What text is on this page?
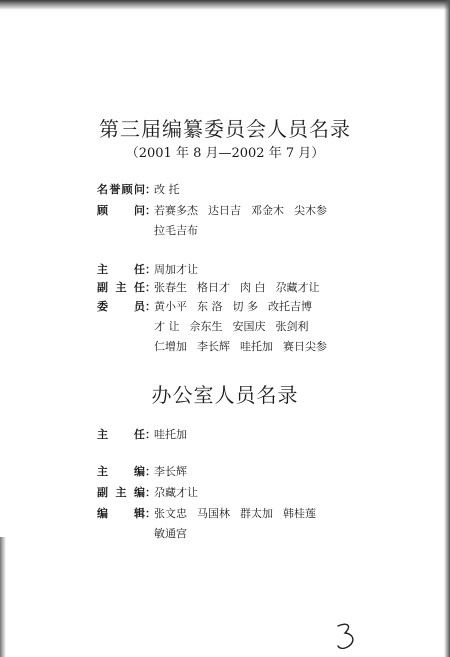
第三届编纂委员会人员名录
（2001 年 8 月—2002 年 7 月）
名誉顾问：改 托
顾问：若赛多杰 达日吉 邓金木 尖木参
拉毛吉布
主任：周加才让
副主任：张春生 格日才 肉 白 尕藏才让
委员：黄小平 东 洛 切 多 改托吉博
才 让 佘东生 安国庆 张剑利
仁增加 李长辉 哇托加 赛日尖参
办公室人员名录
主任：哇托加
主编：李长辉
副主编：尕藏才让
编辑：张文忠 马国林 群太加 韩桂莲
敏通宫
